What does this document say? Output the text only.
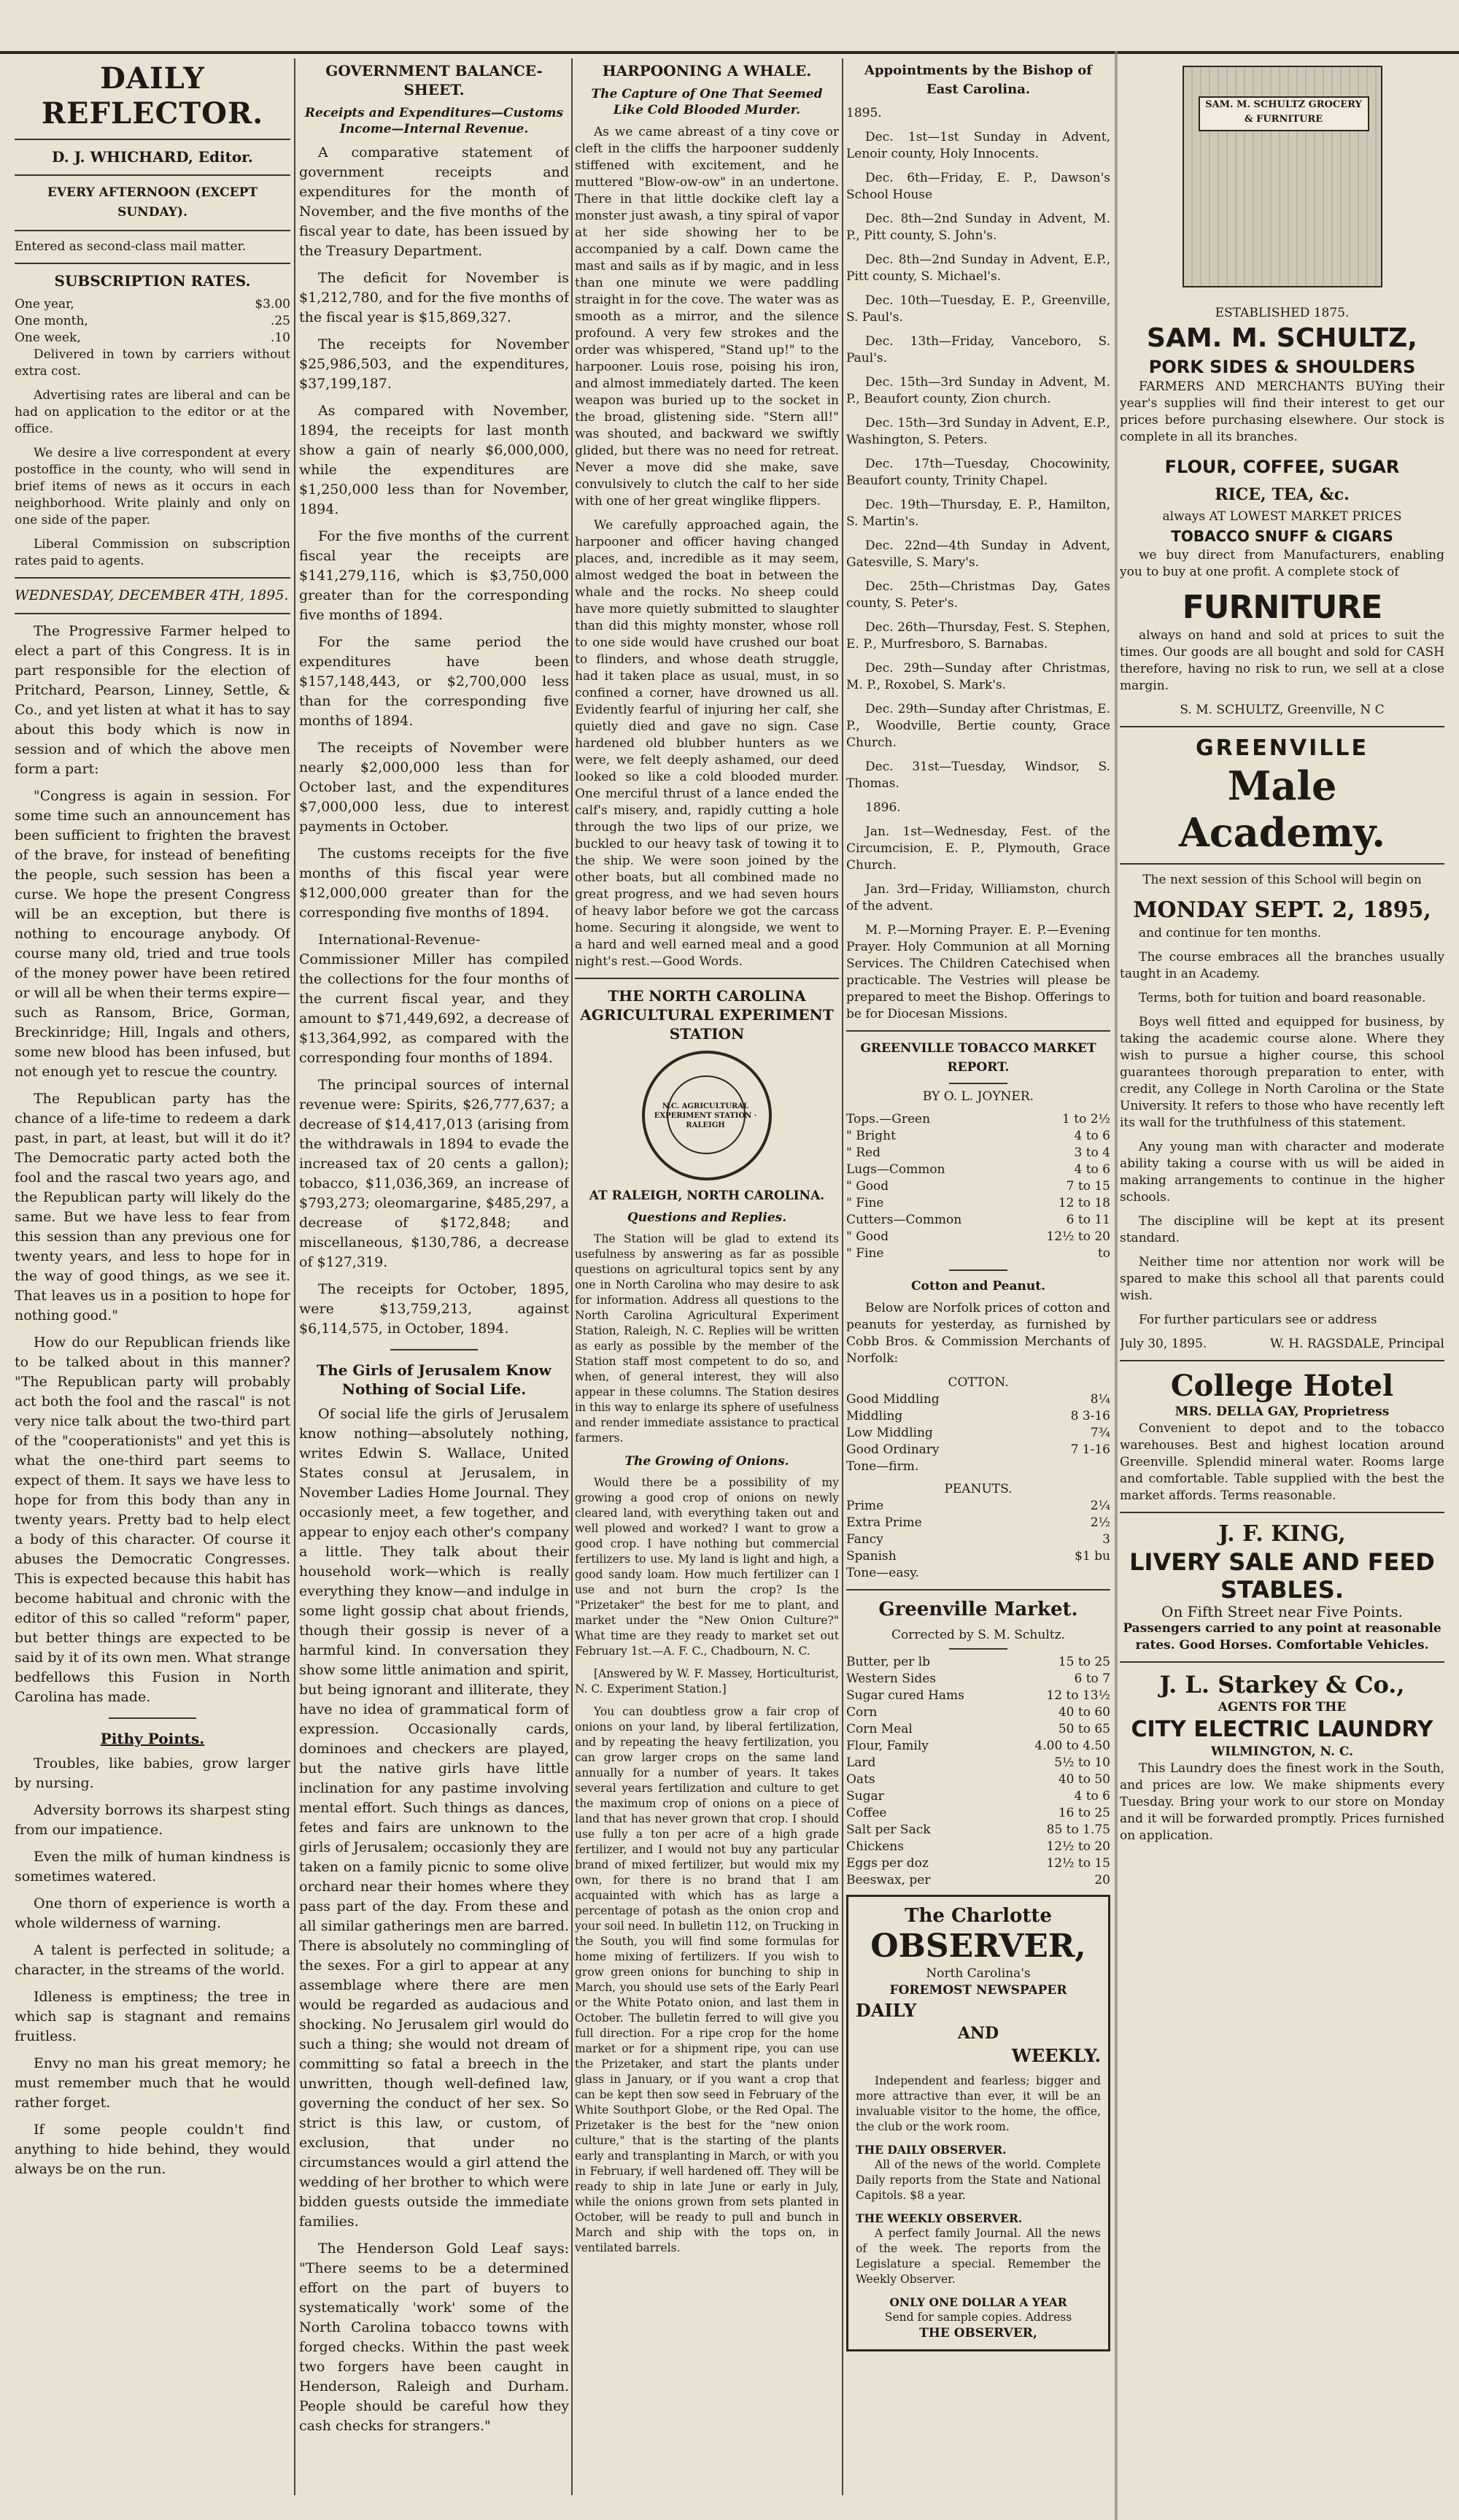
DAILY REFLECTOR.
D. J. WHICHARD, Editor.
EVERY AFTERNOON (EXCEPT SUNDAY).

Entered as second-class mail matter.

SUBSCRIPTION RATES.
One year,	$3.00
One month,	.25
One week,	.10

Delivered in town by carriers without extra cost.

Advertising rates are liberal and can be had on application to the editor or at the office.

We desire a live correspondent at every postoffice in the county, who will send in brief items of news as it occurs in each neighborhood. Write plainly and only on one side of the paper.

Liberal Commission on subscription rates paid to agents.

WEDNESDAY, DECEMBER 4TH, 1895.

The Progressive Farmer helped to elect a part of this Congress. It is in part responsible for the election of Pritchard, Pearson, Linney, Settle, & Co., and yet listen at what it has to say about this body which is now in session and of which the above men form a part:

"Congress is again in session. For some time such an announcement has been sufficient to frighten the bravest of the brave, for instead of benefiting the people, such session has been a curse. We hope the present Congress will be an exception, but there is nothing to encourage anybody. Of course many old, tried and true tools of the money power have been retired or will all be when their terms expire—such as Ransom, Brice, Gorman, Breckinridge; Hill, Ingals and others, some new blood has been infused, but not enough yet to rescue the country.

The Republican party has the chance of a life-time to redeem a dark past, in part, at least, but will it do it? The Democratic party acted both the fool and the rascal two years ago, and the Republican party will likely do the same. But we have less to fear from this session than any previous one for twenty years, and less to hope for in the way of good things, as we see it. That leaves us in a position to hope for nothing good."

How do our Republican friends like to be talked about in this manner? "The Republican party will probably act both the fool and the rascal" is not very nice talk about the two-third part of the "cooperationists" and yet this is what the one-third part seems to expect of them. It says we have less to hope for from this body than any in twenty years. Pretty bad to help elect a body of this character. Of course it abuses the Democratic Congresses. This is expected because this habit has become habitual and chronic with the editor of this so called "reform" paper, but better things are expected to be said by it of its own men. What strange bedfellows this Fusion in North Carolina has made.

Pithy Points.

Troubles, like babies, grow larger by nursing.

Adversity borrows its sharpest sting from our impatience.

Even the milk of human kindness is sometimes watered.

One thorn of experience is worth a whole wilderness of warning.

A talent is perfected in solitude; a character, in the streams of the world.

Idleness is emptiness; the tree in which sap is stagnant and remains fruitless.

Envy no man his great memory; he must remember much that he would rather forget.

If some people couldn't find anything to hide behind, they would always be on the run.

GOVERNMENT BALANCE-SHEET.
Receipts and Expenditures—Customs Income—Internal Revenue.

A comparative statement of government receipts and expenditures for the month of November, and the five months of the fiscal year to date, has been issued by the Treasury Department.

The deficit for November is $1,212,780, and for the five months of the fiscal year is $15,869,327.

The receipts for November $25,986,503, and the expenditures, $37,199,187.

As compared with November, 1894, the receipts for last month show a gain of nearly $6,000,000, while the expenditures are $1,250,000 less than for November, 1894.

For the five months of the current fiscal year the receipts are $141,279,116, which is $3,750,000 greater than for the corresponding five months of 1894.

For the same period the expenditures have been $157,148,443, or $2,700,000 less than for the corresponding five months of 1894.

The receipts of November were nearly $2,000,000 less than for October last, and the expenditures $7,000,000 less, due to interest payments in October.

The customs receipts for the five months of this fiscal year were $12,000,000 greater than for the corresponding five months of 1894.

International-Revenue-Commissioner Miller has compiled the collections for the four months of the current fiscal year, and they amount to $71,449,692, a decrease of $13,364,992, as compared with the corresponding four months of 1894.

The principal sources of internal revenue were: Spirits, $26,777,637; a decrease of $14,417,013 (arising from the withdrawals in 1894 to evade the increased tax of 20 cents a gallon); tobacco, $11,036,369, an increase of $793,273; oleomargarine, $485,297, a decrease of $172,848; and miscellaneous, $130,786, a decrease of $127,319.

The receipts for October, 1895, were $13,759,213, against $6,114,575, in October, 1894.

The Girls of Jerusalem Know Nothing of Social Life.

Of social life the girls of Jerusalem know nothing—absolutely nothing, writes Edwin S. Wallace, United States consul at Jerusalem, in November Ladies Home Journal. They occasionly meet, a few together, and appear to enjoy each other's company a little. They talk about their household work—which is really everything they know—and indulge in some light gossip chat about friends, though their gossip is never of a harmful kind. In conversation they show some little animation and spirit, but being ignorant and illiterate, they have no idea of grammatical form of expression. Occasionally cards, dominoes and checkers are played, but the native girls have little inclination for any pastime involving mental effort. Such things as dances, fetes and fairs are unknown to the girls of Jerusalem; occasionly they are taken on a family picnic to some olive orchard near their homes where they pass part of the day. From these and all similar gatherings men are barred. There is absolutely no commingling of the sexes. For a girl to appear at any assemblage where there are men would be regarded as audacious and shocking. No Jerusalem girl would do such a thing; she would not dream of committing so fatal a breech in the unwritten, though well-defined law, governing the conduct of her sex. So strict is this law, or custom, of exclusion, that under no circumstances would a girl attend the wedding of her brother to which were bidden guests outside the immediate families.

The Henderson Gold Leaf says: "There seems to be a determined effort on the part of buyers to systematically 'work' some of the North Carolina tobacco towns with forged checks. Within the past week two forgers have been caught in Henderson, Raleigh and Durham. People should be careful how they cash checks for strangers."

HARPOONING A WHALE.
The Capture of One That Seemed Like Cold Blooded Murder.

As we came abreast of a tiny cove or cleft in the cliffs the harpooner suddenly stiffened with excitement, and he muttered "Blow-ow-ow" in an undertone. There in that little dockike cleft lay a monster just awash, a tiny spiral of vapor at her side showing her to be accompanied by a calf. Down came the mast and sails as if by magic, and in less than one minute we were paddling straight in for the cove. The water was as smooth as a mirror, and the silence profound. A very few strokes and the order was whispered, "Stand up!" to the harpooner. Louis rose, poising his iron, and almost immediately darted. The keen weapon was buried up to the socket in the broad, glistening side. "Stern all!" was shouted, and backward we swiftly glided, but there was no need for retreat. Never a move did she make, save convulsively to clutch the calf to her side with one of her great winglike flippers.

We carefully approached again, the harpooner and officer having changed places, and, incredible as it may seem, almost wedged the boat in between the whale and the rocks. No sheep could have more quietly submitted to slaughter than did this mighty monster, whose roll to one side would have crushed our boat to flinders, and whose death struggle, had it taken place as usual, must, in so confined a corner, have drowned us all. Evidently fearful of injuring her calf, she quietly died and gave no sign. Case hardened old blubber hunters as we were, we felt deeply ashamed, our deed looked so like a cold blooded murder. One merciful thrust of a lance ended the calf's misery, and, rapidly cutting a hole through the two lips of our prize, we buckled to our heavy task of towing it to the ship. We were soon joined by the other boats, but all combined made no great progress, and we had seven hours of heavy labor before we got the carcass home. Securing it alongside, we went to a hard and well earned meal and a good night's rest.—Good Words.

THE NORTH CAROLINA AGRICULTURAL EXPERIMENT STATION
N.C. AGRICULTURAL EXPERIMENT STATION · RALEIGH
AT RALEIGH, NORTH CAROLINA.
Questions and Replies.

The Station will be glad to extend its usefulness by answering as far as possible questions on agricultural topics sent by any one in North Carolina who may desire to ask for information. Address all questions to the North Carolina Agricultural Experiment Station, Raleigh, N. C. Replies will be written as early as possible by the member of the Station staff most competent to do so, and when, of general interest, they will also appear in these columns. The Station desires in this way to enlarge its sphere of usefulness and render immediate assistance to practical farmers.

The Growing of Onions.

Would there be a possibility of my growing a good crop of onions on newly cleared land, with everything taken out and well plowed and worked? I want to grow a good crop. I have nothing but commercial fertilizers to use. My land is light and high, a good sandy loam. How much fertilizer can I use and not burn the crop? Is the "Prizetaker" the best for me to plant, and market under the "New Onion Culture?" What time are they ready to market set out February 1st.—A. F. C., Chadbourn, N. C.

[Answered by W. F. Massey, Horticulturist, N. C. Experiment Station.]

You can doubtless grow a fair crop of onions on your land, by liberal fertilization, and by repeating the heavy fertilization, you can grow larger crops on the same land annually for a number of years. It takes several years fertilization and culture to get the maximum crop of onions on a piece of land that has never grown that crop. I should use fully a ton per acre of a high grade fertilizer, and I would not buy any particular brand of mixed fertilizer, but would mix my own, for there is no brand that I am acquainted with which has as large a percentage of potash as the onion crop and your soil need. In bulletin 112, on Trucking in the South, you will find some formulas for home mixing of fertilizers. If you wish to grow green onions for bunching to ship in March, you should use sets of the Early Pearl or the White Potato onion, and last them in October. The bulletin ferred to will give you full direction. For a ripe crop for the home market or for a shipment ripe, you can use the Prizetaker, and start the plants under glass in January, or if you want a crop that can be kept then sow seed in February of the White Southport Globe, or the Red Opal. The Prizetaker is the best for the "new onion culture," that is the starting of the plants early and transplanting in March, or with you in February, if well hardened off. They will be ready to ship in late June or early in July, while the onions grown from sets planted in October, will be ready to pull and bunch in March and ship with the tops on, in ventilated barrels.

Appointments by the Bishop of East Carolina.

1895.

Dec. 1st—1st Sunday in Advent, Lenoir county, Holy Innocents.

Dec. 6th—Friday, E. P., Dawson's School House

Dec. 8th—2nd Sunday in Advent, M. P., Pitt county, S. John's.

Dec. 8th—2nd Sunday in Advent, E.P., Pitt county, S. Michael's.

Dec. 10th—Tuesday, E. P., Greenville, S. Paul's.

Dec. 13th—Friday, Vanceboro, S. Paul's.

Dec. 15th—3rd Sunday in Advent, M. P., Beaufort county, Zion church.

Dec. 15th—3rd Sunday in Advent, E.P., Washington, S. Peters.

Dec. 17th—Tuesday, Chocowinity, Beaufort county, Trinity Chapel.

Dec. 19th—Thursday, E. P., Hamilton, S. Martin's.

Dec. 22nd—4th Sunday in Advent, Gatesville, S. Mary's.

Dec. 25th—Christmas Day, Gates county, S. Peter's.

Dec. 26th—Thursday, Fest. S. Stephen, E. P., Murfresboro, S. Barnabas.

Dec. 29th—Sunday after Christmas, M. P., Roxobel, S. Mark's.

Dec. 29th—Sunday after Christmas, E. P., Woodville, Bertie county, Grace Church.

Dec. 31st—Tuesday, Windsor, S. Thomas.

1896.

Jan. 1st—Wednesday, Fest. of the Circumcision, E. P., Plymouth, Grace Church.

Jan. 3rd—Friday, Williamston, church of the advent.

M. P.—Morning Prayer. E. P.—Evening Prayer. Holy Communion at all Morning Services. The Children Catechised when practicable. The Vestries will please be prepared to meet the Bishop. Offerings to be for Diocesan Missions.

GREENVILLE TOBACCO MARKET REPORT.
BY O. L. JOYNER.
Tops.—Green	1 to 2½
" Bright	4 to 6
" Red	3 to 4
Lugs—Common	4 to 6
" Good	7 to 15
" Fine	12 to 18
Cutters—Common	6 to 11
" Good	12½ to 20
" Fine	to
Cotton and Peanut.

Below are Norfolk prices of cotton and peanuts for yesterday, as furnished by Cobb Bros. & Commission Merchants of Norfolk:

COTTON.
Good Middling	8¼
Middling	8 3-16
Low Middling	7¾
Good Ordinary	7 1-16
Tone—firm.
PEANUTS.
Prime	2¼
Extra Prime	2½
Fancy	3
Spanish	$1 bu
Tone—easy.
Greenville Market.
Corrected by S. M. Schultz.
Butter, per lb	15 to 25
Western Sides	6 to 7
Sugar cured Hams	12 to 13½
Corn	40 to 60
Corn Meal	50 to 65
Flour, Family	4.00 to 4.50
Lard	5½ to 10
Oats	40 to 50
Sugar	4 to 6
Coffee	16 to 25
Salt per Sack	85 to 1.75
Chickens	12½ to 20
Eggs per doz	12½ to 15
Beeswax, per	20
The Charlotte
OBSERVER,
North Carolina's
FOREMOST NEWSPAPER
DAILY
AND
WEEKLY.

Independent and fearless; bigger and more attractive than ever, it will be an invaluable visitor to the home, the office, the club or the work room.

THE DAILY OBSERVER.

All of the news of the world. Complete Daily reports from the State and National Capitols. $8 a year.

THE WEEKLY OBSERVER.

A perfect family Journal. All the news of the week. The reports from the Legislature a special. Remember the Weekly Observer.

ONLY ONE DOLLAR A YEAR
Send for sample copies. Address
THE OBSERVER,
SAM. M. SCHULTZ GROCERY & FURNITURE
ESTABLISHED 1875.
SAM. M. SCHULTZ,
PORK SIDES & SHOULDERS

FARMERS AND MERCHANTS BUYing their year's supplies will find their interest to get our prices before purchasing elsewhere. Our stock is complete in all its branches.

FLOUR, COFFEE, SUGAR
RICE, TEA, &c.
always AT LOWEST MARKET PRICES
TOBACCO SNUFF & CIGARS

we buy direct from Manufacturers, enabling you to buy at one profit. A complete stock of

FURNITURE

always on hand and sold at prices to suit the times. Our goods are all bought and sold for CASH therefore, having no risk to run, we sell at a close margin.

S. M. SCHULTZ, Greenville, N C
GREENVILLE
Male Academy.

The next session of this School will begin on

MONDAY SEPT. 2, 1895,

and continue for ten months.

The course embraces all the branches usually taught in an Academy.

Terms, both for tuition and board reasonable.

Boys well fitted and equipped for business, by taking the academic course alone. Where they wish to pursue a higher course, this school guarantees thorough preparation to enter, with credit, any College in North Carolina or the State University. It refers to those who have recently left its wall for the truthfulness of this statement.

Any young man with character and moderate ability taking a course with us will be aided in making arrangements to continue in the higher schools.

The discipline will be kept at its present standard.

Neither time nor attention nor work will be spared to make this school all that parents could wish.

For further particulars see or address

July 30, 1895.	W. H. RAGSDALE, Principal
College Hotel
MRS. DELLA GAY, Proprietress

Convenient to depot and to the tobacco warehouses. Best and highest location around Greenville. Splendid mineral water. Rooms large and comfortable. Table supplied with the best the market affords. Terms reasonable.

J. F. KING,
LIVERY SALE AND FEED
STABLES.
On Fifth Street near Five Points.

Passengers carried to any point at reasonable rates. Good Horses. Comfortable Vehicles.

J. L. Starkey & Co.,
AGENTS FOR THE
CITY ELECTRIC LAUNDRY
WILMINGTON, N. C.

This Laundry does the finest work in the South, and prices are low. We make shipments every Tuesday. Bring your work to our store on Monday and it will be forwarded promptly. Prices furnished on application.
